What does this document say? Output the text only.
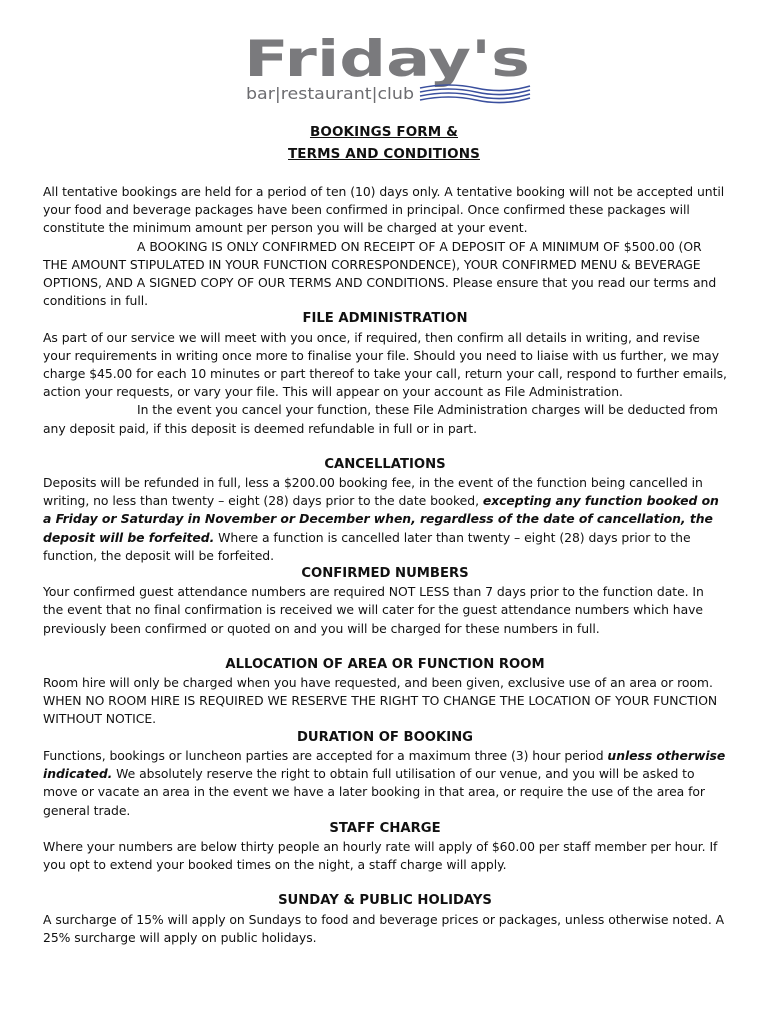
Friday's
bar|restaurant|club
BOOKINGS FORM &
TERMS AND CONDITIONS

All tentative bookings are held for a period of ten (10) days only. A tentative booking will not be accepted until your food and beverage packages have been confirmed in principal. Once confirmed these packages will constitute the minimum amount per person you will be charged at your event.

A BOOKING IS ONLY CONFIRMED ON RECEIPT OF A DEPOSIT OF A MINIMUM OF $500.00 (OR THE AMOUNT STIPULATED IN YOUR FUNCTION CORRESPONDENCE), YOUR CONFIRMED MENU & BEVERAGE OPTIONS, AND A SIGNED COPY OF OUR TERMS AND CONDITIONS. Please ensure that you read our terms and conditions in full.

FILE ADMINISTRATION

As part of our service we will meet with you once, if required, then confirm all details in writing, and revise your requirements in writing once more to finalise your file. Should you need to liaise with us further, we may charge $45.00 for each 10 minutes or part thereof to take your call, return your call, respond to further emails, action your requests, or vary your file. This will appear on your account as File Administration.

In the event you cancel your function, these File Administration charges will be deducted from any deposit paid, if this deposit is deemed refundable in full or in part.

CANCELLATIONS

Deposits will be refunded in full, less a $200.00 booking fee, in the event of the function being cancelled in writing, no less than twenty – eight (28) days prior to the date booked, excepting any function booked on a Friday or Saturday in November or December when, regardless of the date of cancellation, the deposit will be forfeited. Where a function is cancelled later than twenty – eight (28) days prior to the function, the deposit will be forfeited.

CONFIRMED NUMBERS

Your confirmed guest attendance numbers are required NOT LESS than 7 days prior to the function date. In the event that no final confirmation is received we will cater for the guest attendance numbers which have previously been confirmed or quoted on and you will be charged for these numbers in full.

ALLOCATION OF AREA OR FUNCTION ROOM

Room hire will only be charged when you have requested, and been given, exclusive use of an area or room. WHEN NO ROOM HIRE IS REQUIRED WE RESERVE THE RIGHT TO CHANGE THE LOCATION OF YOUR FUNCTION WITHOUT NOTICE.

DURATION OF BOOKING

Functions, bookings or luncheon parties are accepted for a maximum three (3) hour period unless otherwise indicated. We absolutely reserve the right to obtain full utilisation of our venue, and you will be asked to move or vacate an area in the event we have a later booking in that area, or require the use of the area for general trade.

STAFF CHARGE

Where your numbers are below thirty people an hourly rate will apply of $60.00 per staff member per hour. If you opt to extend your booked times on the night, a staff charge will apply.

SUNDAY & PUBLIC HOLIDAYS

A surcharge of 15% will apply on Sundays to food and beverage prices or packages, unless otherwise noted. A 25% surcharge will apply on public holidays.
